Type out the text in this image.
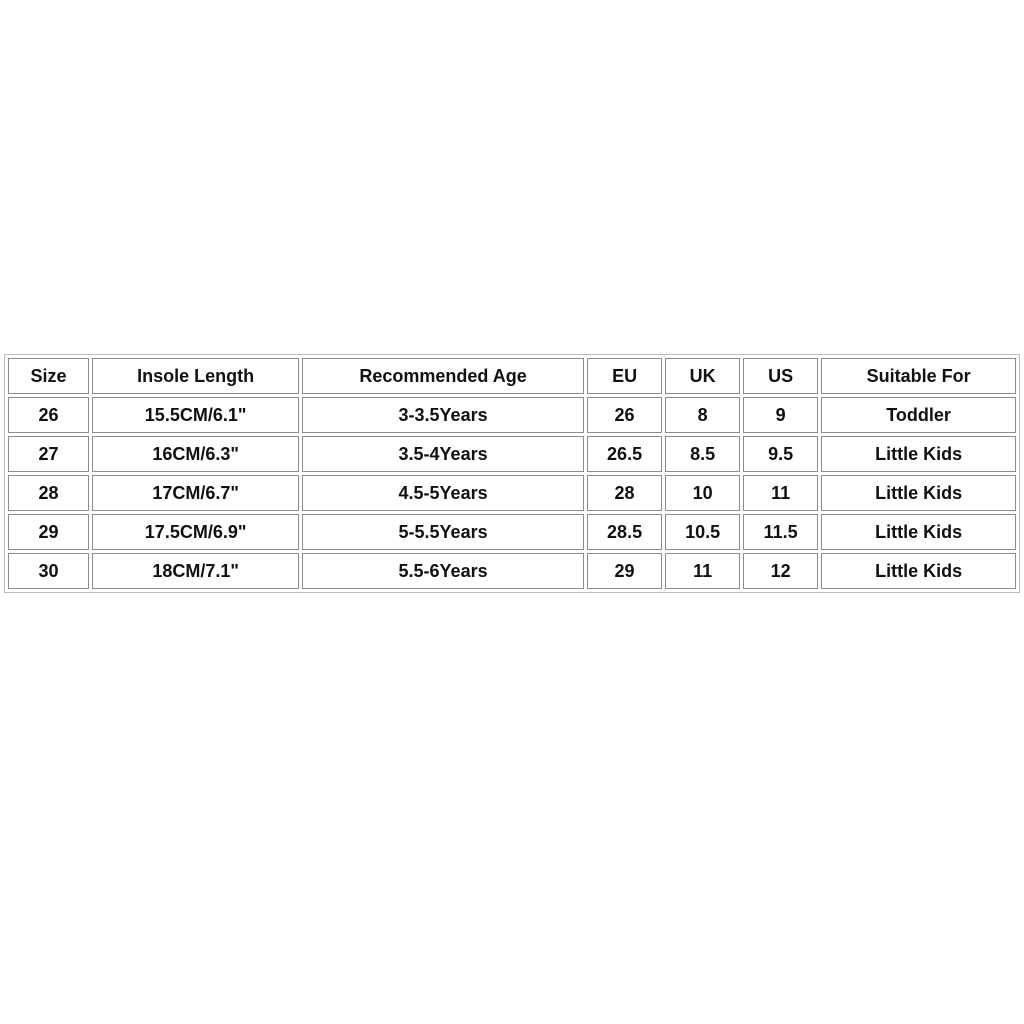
Size	Insole Length	Recommended Age	EU	UK	US	Suitable For
26	15.5CM/6.1"	3-3.5Years	26	8	9	Toddler
27	16CM/6.3"	3.5-4Years	26.5	8.5	9.5	Little Kids
28	17CM/6.7"	4.5-5Years	28	10	11	Little Kids
29	17.5CM/6.9"	5-5.5Years	28.5	10.5	11.5	Little Kids
30	18CM/7.1"	5.5-6Years	29	11	12	Little Kids
